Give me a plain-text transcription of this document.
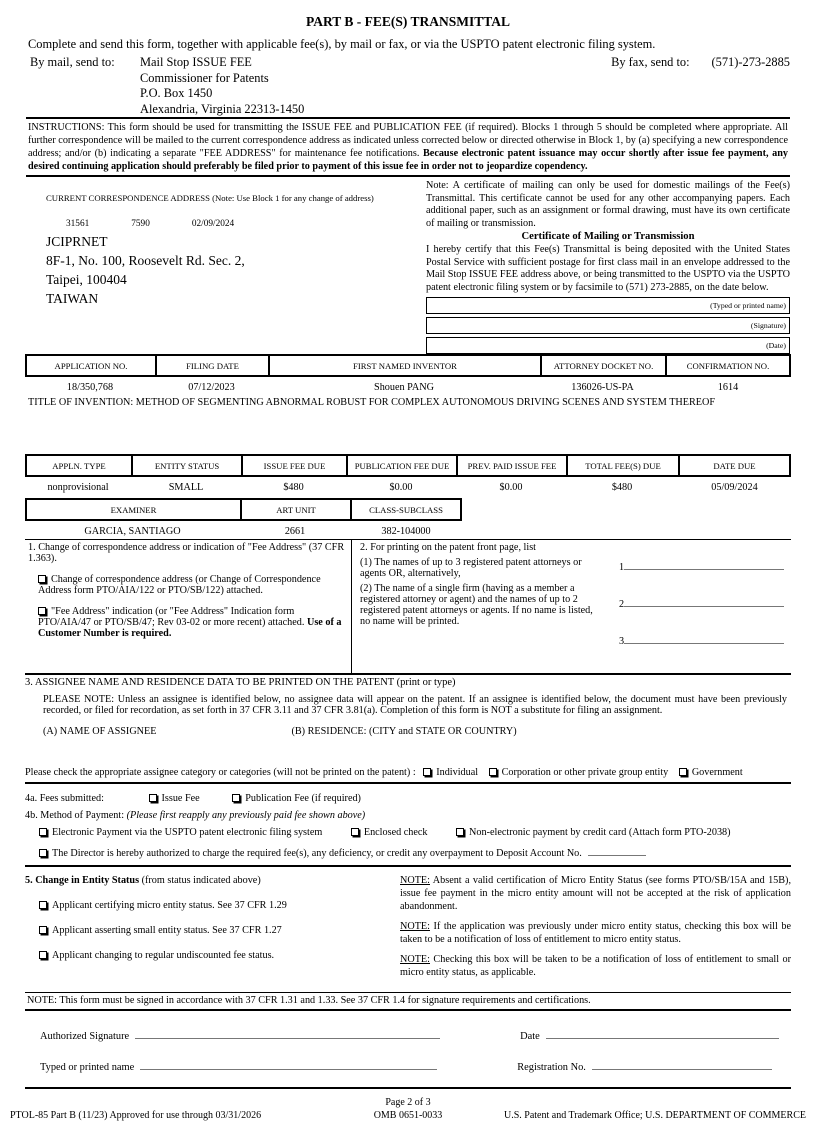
PART B - FEE(S) TRANSMITTAL
Complete and send this form, together with applicable fee(s), by mail or fax, or via the USPTO patent electronic filing system.
By mail, send to:	Mail Stop ISSUE FEE
Commissioner for Patents
P.O. Box 1450
Alexandria, Virginia 22313-1450
By fax, send to: (571)-273-2885
INSTRUCTIONS: This form should be used for transmitting the ISSUE FEE and PUBLICATION FEE (if required). Blocks 1 through 5 should be completed where appropriate. All further correspondence will be mailed to the current correspondence address as indicated unless corrected below or directed otherwise in Block 1, by (a) specifying a new correspondence address; and/or (b) indicating a separate "FEE ADDRESS" for maintenance fee notifications. Because electronic patent issuance may occur shortly after issue fee payment, any desired continuing application should preferably be filed prior to payment of this issue fee in order not to jeopardize copendency.
CURRENT CORRESPONDENCE ADDRESS (Note: Use Block 1 for any change of address)
31561	7590	02/09/2024
JCIPRNET
8F-1, No. 100, Roosevelt Rd. Sec. 2,
Taipei, 100404
TAIWAN
Note: A certificate of mailing can only be used for domestic mailings of the Fee(s) Transmittal. This certificate cannot be used for any other accompanying papers. Each additional paper, such as an assignment or formal drawing, must have its own certificate of mailing or transmission.
Certificate of Mailing or Transmission
I hereby certify that this Fee(s) Transmittal is being deposited with the United States Postal Service with sufficient postage for first class mail in an envelope addressed to the Mail Stop ISSUE FEE address above, or being transmitted to the USPTO via the USPTO patent electronic filing system or by facsimile to (571) 273-2885, on the date below.
(Typed or printed name)
(Signature)
(Date)
APPLICATION NO.	FILING DATE	FIRST NAMED INVENTOR	ATTORNEY DOCKET NO.	CONFIRMATION NO.
18/350,768	07/12/2023	Shouen PANG	136026-US-PA	1614
TITLE OF INVENTION: METHOD OF SEGMENTING ABNORMAL ROBUST FOR COMPLEX AUTONOMOUS DRIVING SCENES AND SYSTEM THEREOF
APPLN. TYPE	ENTITY STATUS	ISSUE FEE DUE	PUBLICATION FEE DUE	PREV. PAID ISSUE FEE	TOTAL FEE(S) DUE	DATE DUE
nonprovisional	SMALL	$480	$0.00	$0.00	$480	05/09/2024
EXAMINER	ART UNIT	CLASS-SUBCLASS
GARCIA, SANTIAGO	2661	382-104000

1. Change of correspondence address or indication of "Fee Address" (37 CFR 1.363).

Change of correspondence address (or Change of Correspondence Address form PTO/AIA/122 or PTO/SB/122) attached.

"Fee Address" indication (or "Fee Address" Indication form PTO/AIA/47 or PTO/SB/47; Rev 03-02 or more recent) attached. Use of a Customer Number is required.

2. For printing on the patent front page, list

(1) The names of up to 3 registered patent attorneys or agents OR, alternatively,

(2) The name of a single firm (having as a member a registered attorney or agent) and the names of up to 2 registered patent attorneys or agents. If no name is listed, no name will be printed.

1
2
3
3. ASSIGNEE NAME AND RESIDENCE DATA TO BE PRINTED ON THE PATENT (print or type)
PLEASE NOTE: Unless an assignee is identified below, no assignee data will appear on the patent. If an assignee is identified below, the document must have been previously recorded, or filed for recordation, as set forth in 37 CFR 3.11 and 37 CFR 3.81(a). Completion of this form is NOT a substitute for filing an assignment.
(A) NAME OF ASSIGNEE	(B) RESIDENCE: (CITY and STATE OR COUNTRY)
Please check the appropriate assignee category or categories (will not be printed on the patent) : Individual Corporation or other private group entity Government
4a. Fees submitted:	Issue Fee	Publication Fee (if required)
4b. Method of Payment: (Please first reapply any previously paid fee shown above)
Electronic Payment via the USPTO patent electronic filing system	Enclosed check	Non-electronic payment by credit card (Attach form PTO-2038)
The Director is hereby authorized to charge the required fee(s), any deficiency, or credit any overpayment to Deposit Account No.
5. Change in Entity Status (from status indicated above)
Applicant certifying micro entity status. See 37 CFR 1.29
Applicant asserting small entity status. See 37 CFR 1.27
Applicant changing to regular undiscounted fee status.
NOTE: Absent a valid certification of Micro Entity Status (see forms PTO/SB/15A and 15B), issue fee payment in the micro entity amount will not be accepted at the risk of application abandonment.
NOTE: If the application was previously under micro entity status, checking this box will be taken to be a notification of loss of entitlement to micro entity status.
NOTE: Checking this box will be taken to be a notification of loss of entitlement to small or micro entity status, as applicable.
NOTE: This form must be signed in accordance with 37 CFR 1.31 and 1.33. See 37 CFR 1.4 for signature requirements and certifications.
Authorized Signature	Date
Typed or printed name	Registration No.
Page 2 of 3
PTOL-85 Part B (11/23) Approved for use through 03/31/2026	OMB 0651-0033	U.S. Patent and Trademark Office; U.S. DEPARTMENT OF COMMERCE
